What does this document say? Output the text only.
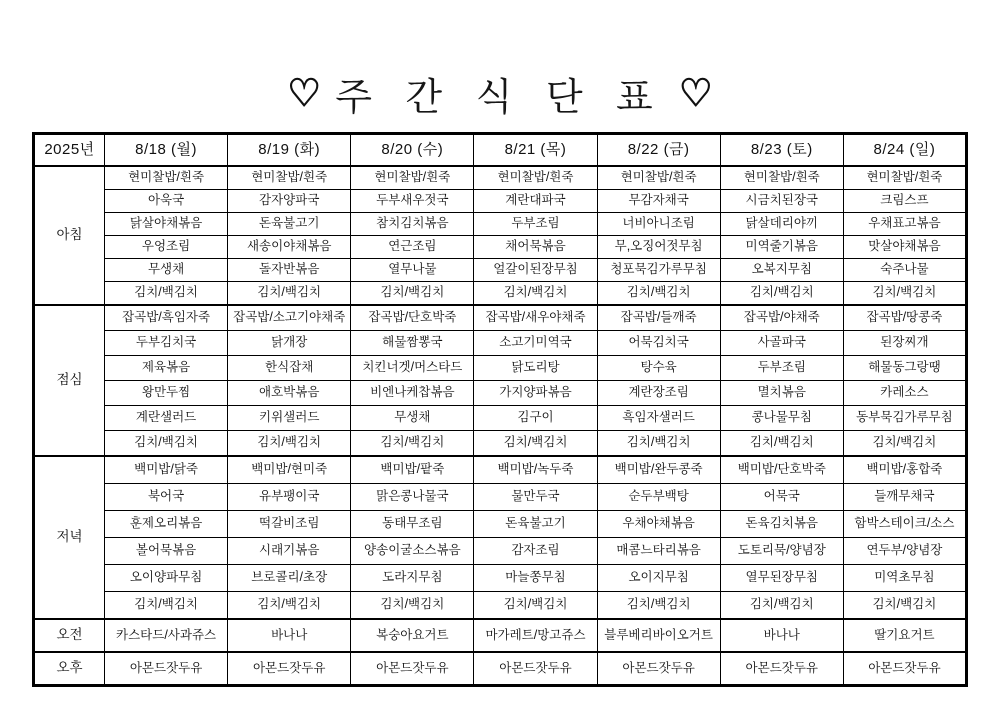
♡ 주 간 식 단 표 ♡
2025년	8/18 (월)	8/19 (화)	8/20 (수)	8/21 (목)	8/22 (금)	8/23 (토)	8/24 (일)
아침	현미찰밥/흰죽	현미찰밥/흰죽	현미찰밥/흰죽	현미찰밥/흰죽	현미찰밥/흰죽	현미찰밥/흰죽	현미찰밥/흰죽
	아욱국	감자양파국	두부새우젓국	계란대파국	무감자채국	시금치된장국	크림스프
	닭살야채볶음	돈육불고기	참치김치볶음	두부조림	너비아니조림	닭살데리야끼	우채표고볶음
	우엉조림	새송이야채볶음	연근조림	채어묵볶음	무,오징어젓무침	미역줄기볶음	맛살야채볶음
	무생채	돌자반볶음	열무나물	얼갈이된장무침	청포묵김가루무침	오복지무침	숙주나물
	김치/백김치	김치/백김치	김치/백김치	김치/백김치	김치/백김치	김치/백김치	김치/백김치
점심	잡곡밥/흑임자죽	잡곡밥/소고기야채죽	잡곡밥/단호박죽	잡곡밥/새우야채죽	잡곡밥/들깨죽	잡곡밥/야채죽	잡곡밥/땅콩죽
	두부김치국	닭개장	해물짬뽕국	소고기미역국	어묵김치국	사골파국	된장찌개
	제육볶음	한식잡채	치킨너겟/머스타드	닭도리탕	탕수육	두부조림	해물동그랑땡
	왕만두찜	애호박볶음	비엔나케찹볶음	가지양파볶음	계란장조림	멸치볶음	카레소스
	계란샐러드	키위샐러드	무생채	김구이	흑임자샐러드	콩나물무침	동부묵김가루무침
	김치/백김치	김치/백김치	김치/백김치	김치/백김치	김치/백김치	김치/백김치	김치/백김치
저녁	백미밥/닭죽	백미밥/현미죽	백미밥/팥죽	백미밥/녹두죽	백미밥/완두콩죽	백미밥/단호박죽	백미밥/홍합죽
	북어국	유부팽이국	맑은콩나물국	물만두국	순두부백탕	어묵국	들깨무채국
	훈제오리볶음	떡갈비조림	동태무조림	돈육불고기	우채야채볶음	돈육김치볶음	함박스테이크/소스
	볼어묵볶음	시래기볶음	양송이굴소스볶음	감자조림	매콤느타리볶음	도토리묵/양념장	연두부/양념장
	오이양파무침	브로콜리/초장	도라지무침	마늘쫑무침	오이지무침	열무된장무침	미역초무침
	김치/백김치	김치/백김치	김치/백김치	김치/백김치	김치/백김치	김치/백김치	김치/백김치
오전	카스타드/사과쥬스	바나나	복숭아요거트	마가레트/망고쥬스	블루베리바이오거트	바나나	딸기요거트
오후	아몬드잣두유	아몬드잣두유	아몬드잣두유	아몬드잣두유	아몬드잣두유	아몬드잣두유	아몬드잣두유
